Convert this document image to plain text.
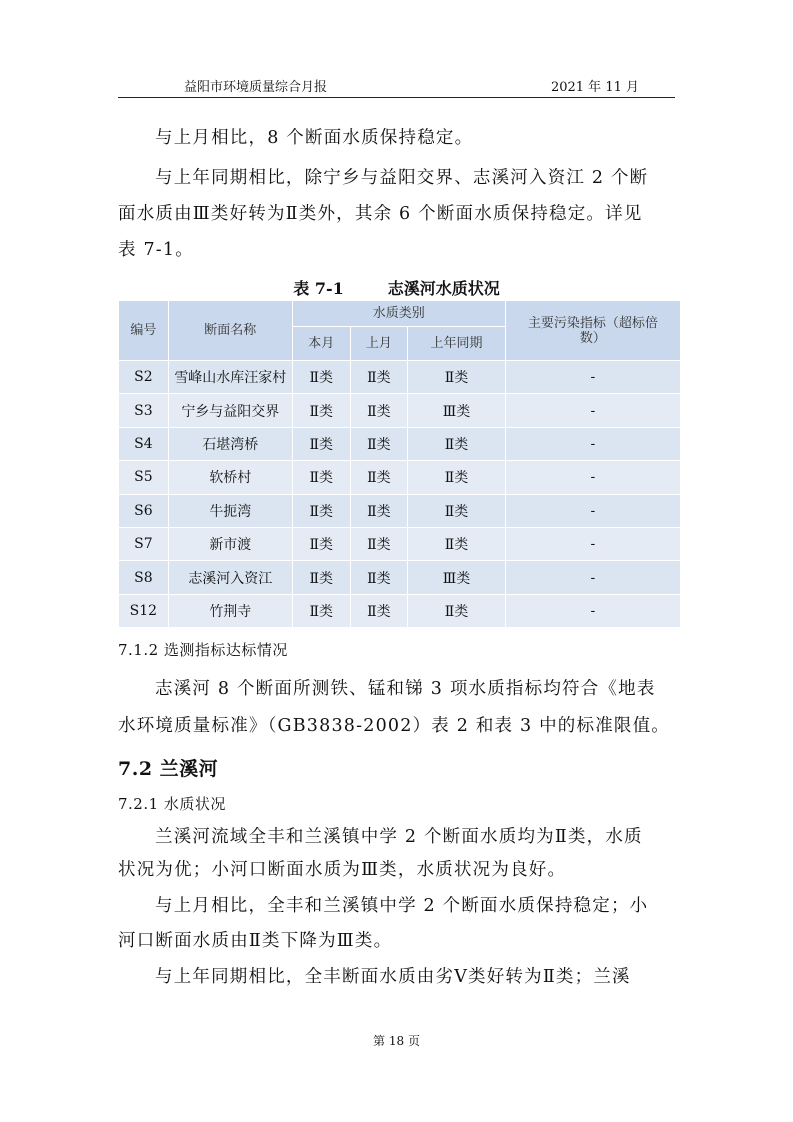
益阳市环境质量综合月报	2021 年 11 月
与上月相比，8 个断面水质保持稳定。
与上年同期相比，除宁乡与益阳交界、志溪河入资江 2 个断
面水质由Ⅲ类好转为Ⅱ类外，其余 6 个断面水质保持稳定。详见
表 7-1。
表 7-1	志溪河水质状况
编号	断面名称	水质类别			主要污染指标（超标倍数）
		本月	上月	上年同期	
S2	雪峰山水库汪家村	Ⅱ类	Ⅱ类	Ⅱ类	-
S3	宁乡与益阳交界	Ⅱ类	Ⅱ类	Ⅲ类	-
S4	石堪湾桥	Ⅱ类	Ⅱ类	Ⅱ类	-
S5	软桥村	Ⅱ类	Ⅱ类	Ⅱ类	-
S6	牛扼湾	Ⅱ类	Ⅱ类	Ⅱ类	-
S7	新市渡	Ⅱ类	Ⅱ类	Ⅱ类	-
S8	志溪河入资江	Ⅱ类	Ⅱ类	Ⅲ类	-
S12	竹荆寺	Ⅱ类	Ⅱ类	Ⅱ类	-
7.1.2 选测指标达标情况
志溪河 8 个断面所测铁、锰和锑 3 项水质指标均符合《地表
水环境质量标准》（GB3838-2002）表 2 和表 3 中的标准限值。
7.2 兰溪河
7.2.1 水质状况
兰溪河流域全丰和兰溪镇中学 2 个断面水质均为Ⅱ类，水质
状况为优；小河口断面水质为Ⅲ类，水质状况为良好。
与上月相比，全丰和兰溪镇中学 2 个断面水质保持稳定；小
河口断面水质由Ⅱ类下降为Ⅲ类。
与上年同期相比，全丰断面水质由劣Ⅴ类好转为Ⅱ类；兰溪
第 18 页
